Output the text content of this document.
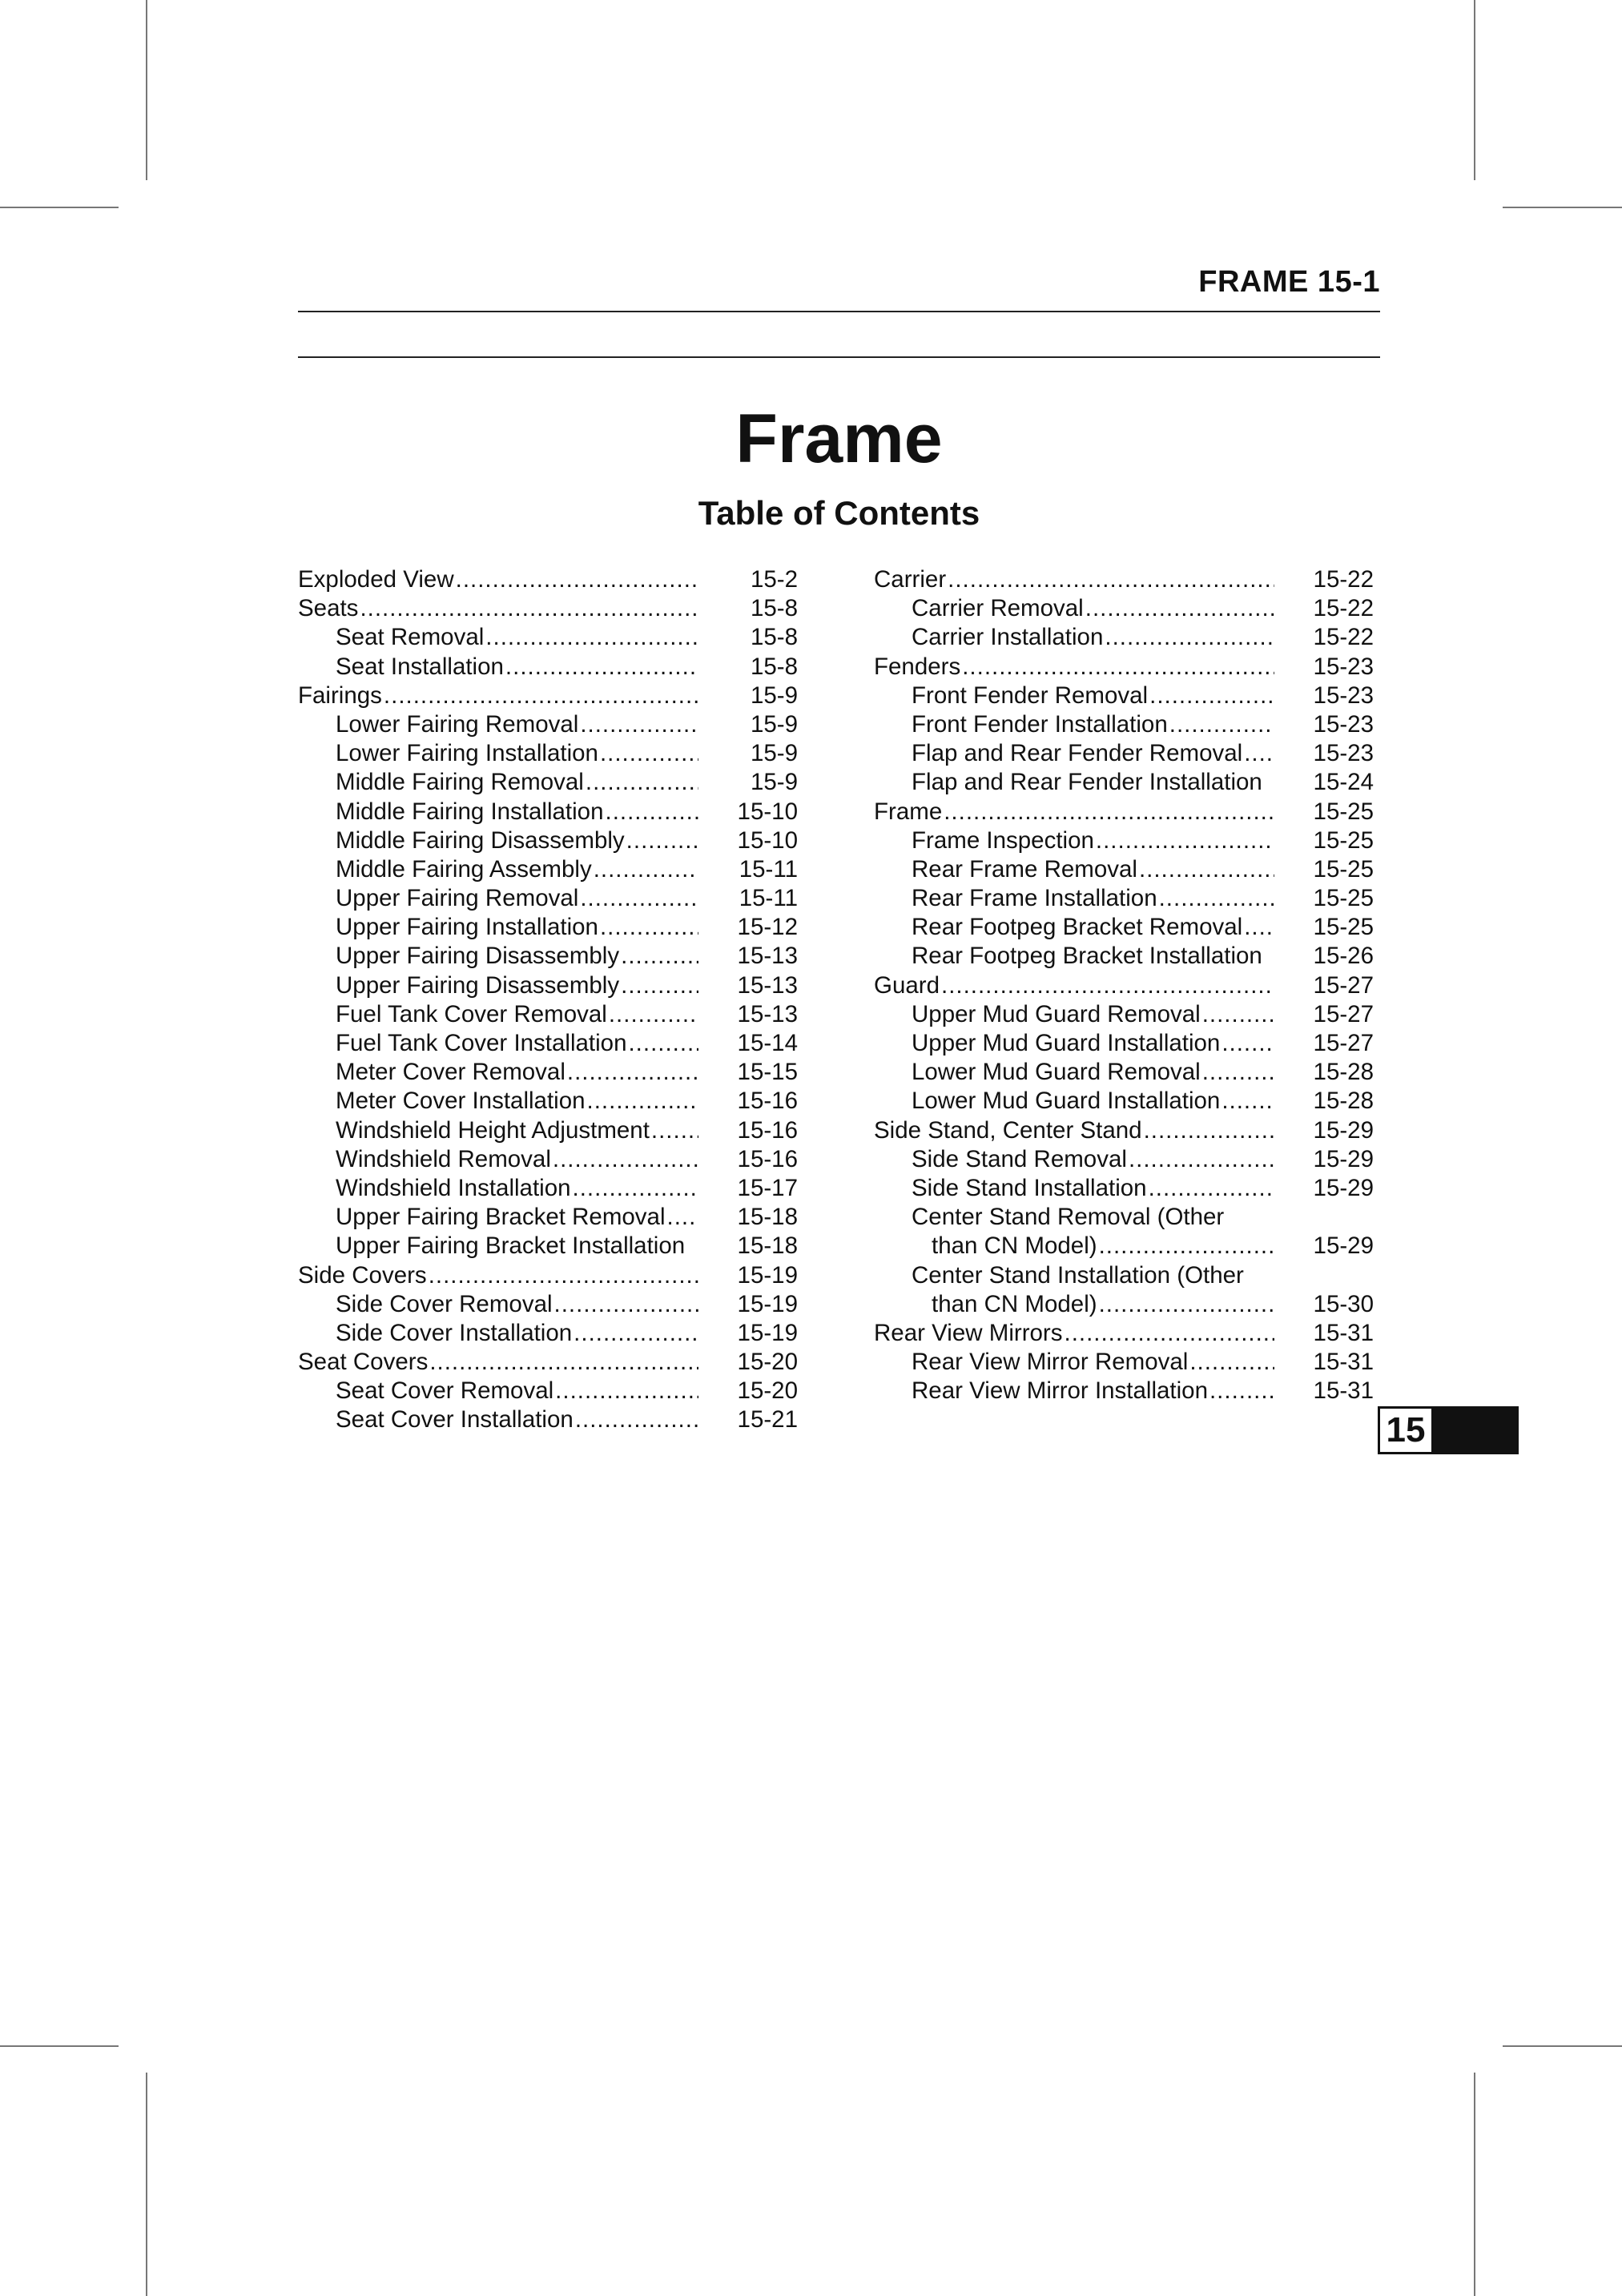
FRAME 15-1
Frame
Table of Contents
Exploded View .....	15-2
Seats .....	15-8
Seat Removal .....	15-8
Seat Installation .....	15-8
Fairings .....	15-9
Lower Fairing Removal .....	15-9
Lower Fairing Installation .....	15-9
Middle Fairing Removal .....	15-9
Middle Fairing Installation .....	15-10
Middle Fairing Disassembly .....	15-10
Middle Fairing Assembly .....	15-11
Upper Fairing Removal .....	15-11
Upper Fairing Installation .....	15-12
Upper Fairing Disassembly .....	15-13
Upper Fairing Disassembly .....	15-13
Fuel Tank Cover Removal .....	15-13
Fuel Tank Cover Installation .....	15-14
Meter Cover Removal .....	15-15
Meter Cover Installation .....	15-16
Windshield Height Adjustment .....	15-16
Windshield Removal .....	15-16
Windshield Installation .....	15-17
Upper Fairing Bracket Removal .....	15-18
Upper Fairing Bracket Installation	15-18
Side Covers .....	15-19
Side Cover Removal .....	15-19
Side Cover Installation .....	15-19
Seat Covers .....	15-20
Seat Cover Removal .....	15-20
Seat Cover Installation .....	15-21
Carrier .....	15-22
Carrier Removal .....	15-22
Carrier Installation .....	15-22
Fenders .....	15-23
Front Fender Removal .....	15-23
Front Fender Installation .....	15-23
Flap and Rear Fender Removal .....	15-23
Flap and Rear Fender Installation	15-24
Frame .....	15-25
Frame Inspection .....	15-25
Rear Frame Removal .....	15-25
Rear Frame Installation .....	15-25
Rear Footpeg Bracket Removal .....	15-25
Rear Footpeg Bracket Installation	15-26
Guard .....	15-27
Upper Mud Guard Removal .....	15-27
Upper Mud Guard Installation .....	15-27
Lower Mud Guard Removal .....	15-28
Lower Mud Guard Installation .....	15-28
Side Stand, Center Stand .....	15-29
Side Stand Removal .....	15-29
Side Stand Installation .....	15-29
Center Stand Removal (Other
than CN Model) .....	15-29
Center Stand Installation (Other
than CN Model) .....	15-30
Rear View Mirrors .....	15-31
Rear View Mirror Removal .....	15-31
Rear View Mirror Installation .....	15-31
15
